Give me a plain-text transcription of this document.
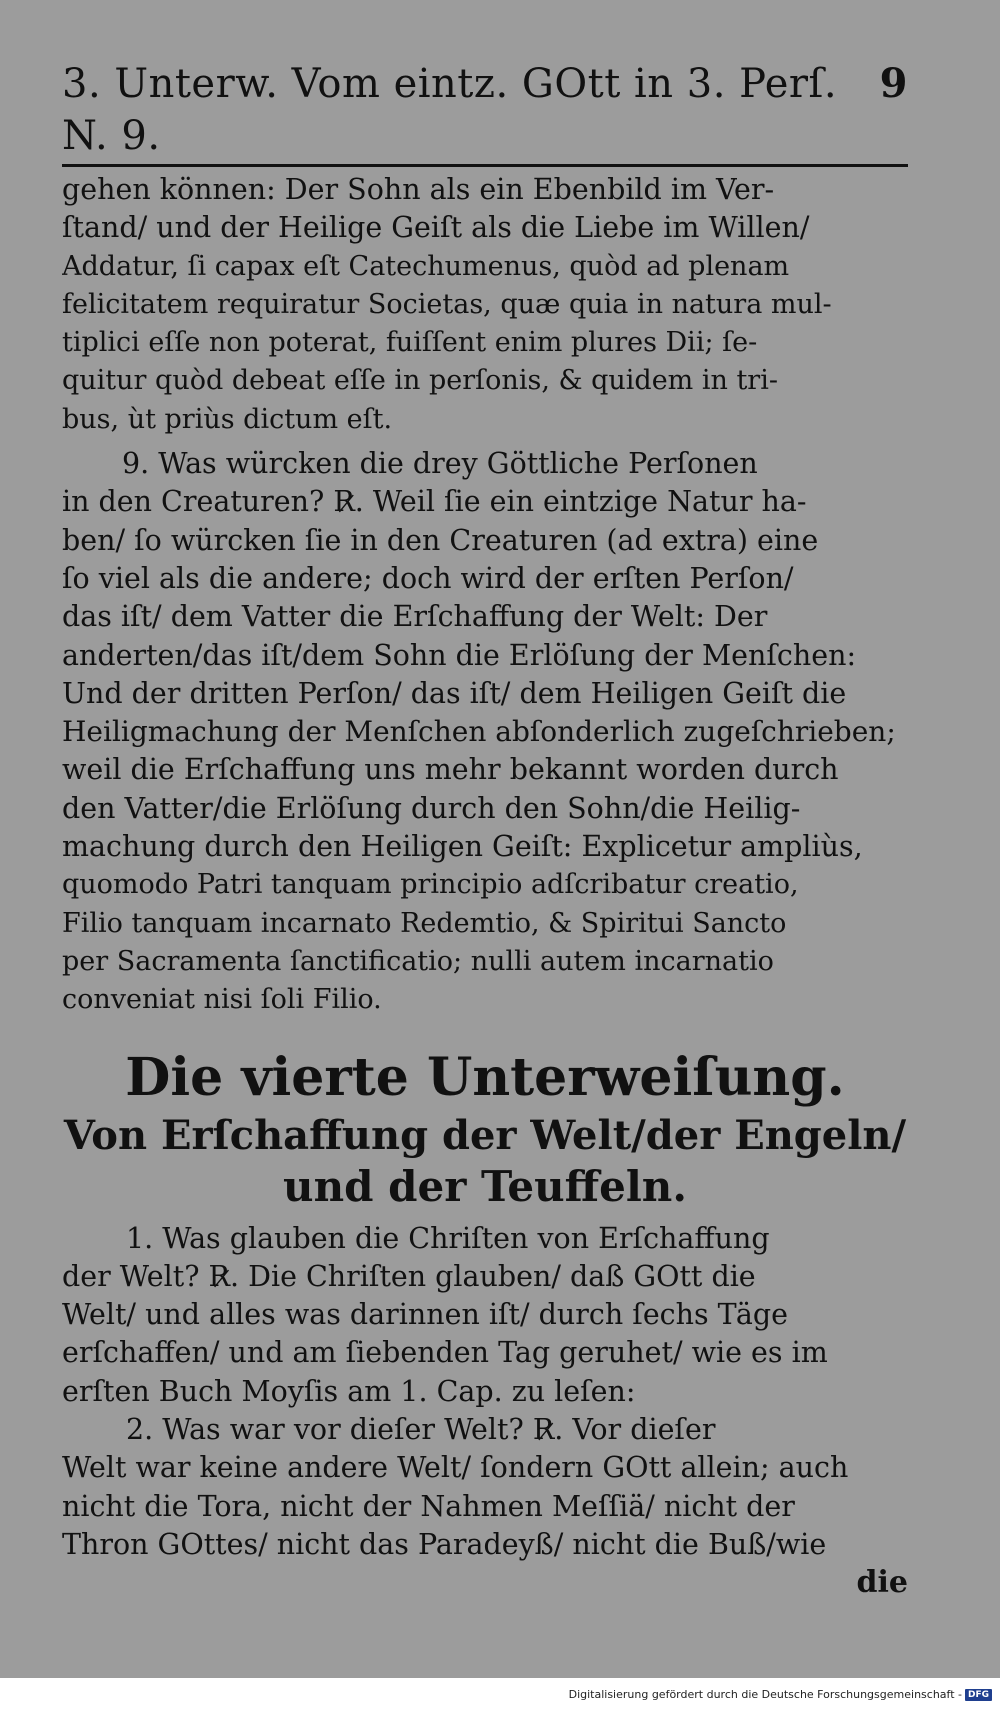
3. Unterw. Vom eintz. GOtt in 3. Perſ. N. 9.
9
gehen können: Der Sohn als ein Ebenbild im Ver-
ſtand/ und der Heilige Geiſt als die Liebe im Willen/
Addatur, ſi capax eſt Catechumenus, quòd ad plenam
felicitatem requiratur Societas, quæ quia in natura mul-
tiplici eſſe non poterat, fuiſſent enim plures Dii; ſe-
quitur quòd debeat eſſe in perſonis, & quidem in tri-
bus, ùt priùs dictum eſt.
9. Was würcken die drey Göttliche Perſonen
in den Creaturen? R̷. Weil ſie ein eintzige Natur ha-
ben/ ſo würcken ſie in den Creaturen (ad extra) eine
ſo viel als die andere; doch wird der erſten Perſon/
das iſt/ dem Vatter die Erſchaffung der Welt: Der
anderten/das iſt/dem Sohn die Erlöſung der Menſchen:
Und der dritten Perſon/ das iſt/ dem Heiligen Geiſt die
Heiligmachung der Menſchen abſonderlich zugeſchrieben;
weil die Erſchaffung uns mehr bekannt worden durch
den Vatter/die Erlöſung durch den Sohn/die Heilig-
machung durch den Heiligen Geiſt: Explicetur ampliùs,
quomodo Patri tanquam principio adſcribatur creatio,
Filio tanquam incarnato Redemtio, & Spiritui Sancto
per Sacramenta ſanctificatio; nulli autem incarnatio
conveniat nisi ſoli Filio.
Die vierte Unterweiſung.
Von Erſchaffung der Welt/der Engeln/
und der Teuffeln.
1. Was glauben die Chriſten von Erſchaffung
der Welt? R̷. Die Chriſten glauben/ daß GOtt die
Welt/ und alles was darinnen iſt/ durch ſechs Täge
erſchaffen/ und am ſiebenden Tag geruhet/ wie es im
erſten Buch Moyſis am 1. Cap. zu leſen:
2. Was war vor dieſer Welt? R̷. Vor dieſer
Welt war keine andere Welt/ ſondern GOtt allein; auch
nicht die Tora, nicht der Nahmen Meſſiä/ nicht der
Thron GOttes/ nicht das Paradeyß/ nicht die Buß/wie
die
Digitalisierung gefördert durch die Deutsche Forschungsgemeinschaft - DFG
